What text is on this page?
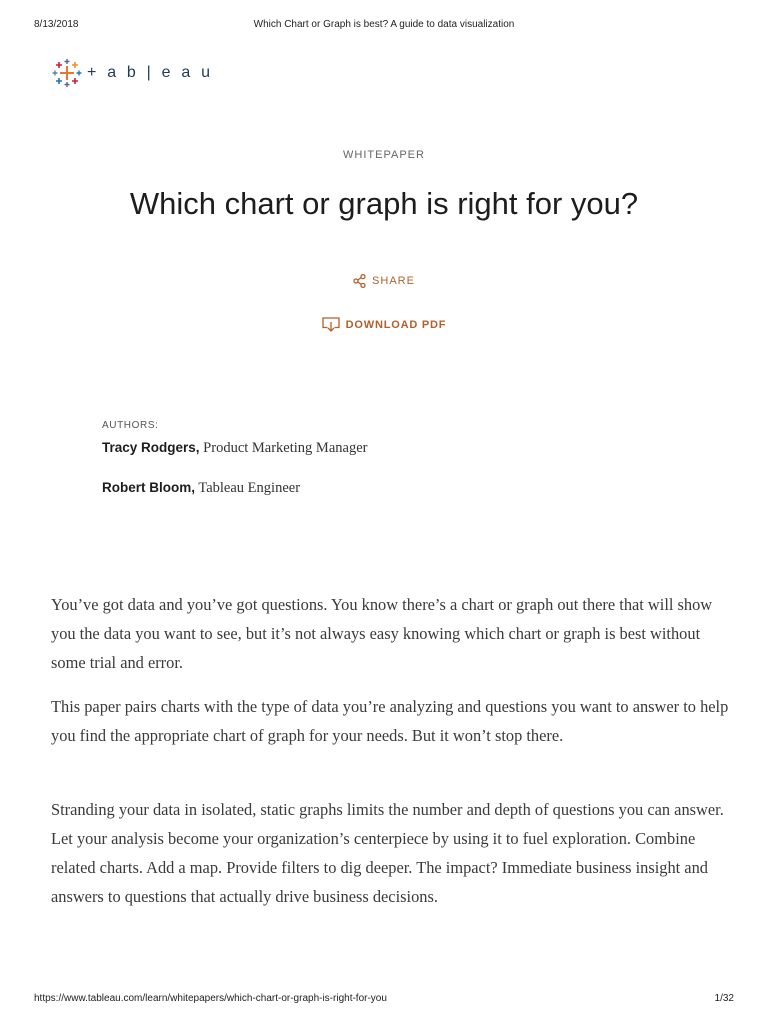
8/13/2018	Which Chart or Graph is best? A guide to data visualization
+ a b | e a u
WHITEPAPER
Which chart or graph is right for you?
SHARE
DOWNLOAD PDF
AUTHORS:
Tracy Rodgers, Product Marketing Manager
Robert Bloom, Tableau Engineer

You’ve got data and you’ve got questions. You know there’s a chart or graph out there that will show you the data you want to see, but it’s not always easy knowing which chart or graph is best without some trial and error.

This paper pairs charts with the type of data you’re analyzing and questions you want to answer to help you find the appropriate chart of graph for your needs. But it won’t stop there.

Stranding your data in isolated, static graphs limits the number and depth of questions you can answer. Let your analysis become your organization’s centerpiece by using it to fuel exploration. Combine related charts. Add a map. Provide filters to dig deeper. The impact? Immediate business insight and answers to questions that actually drive business decisions.

https://www.tableau.com/learn/whitepapers/which-chart-or-graph-is-right-for-you	1/32
